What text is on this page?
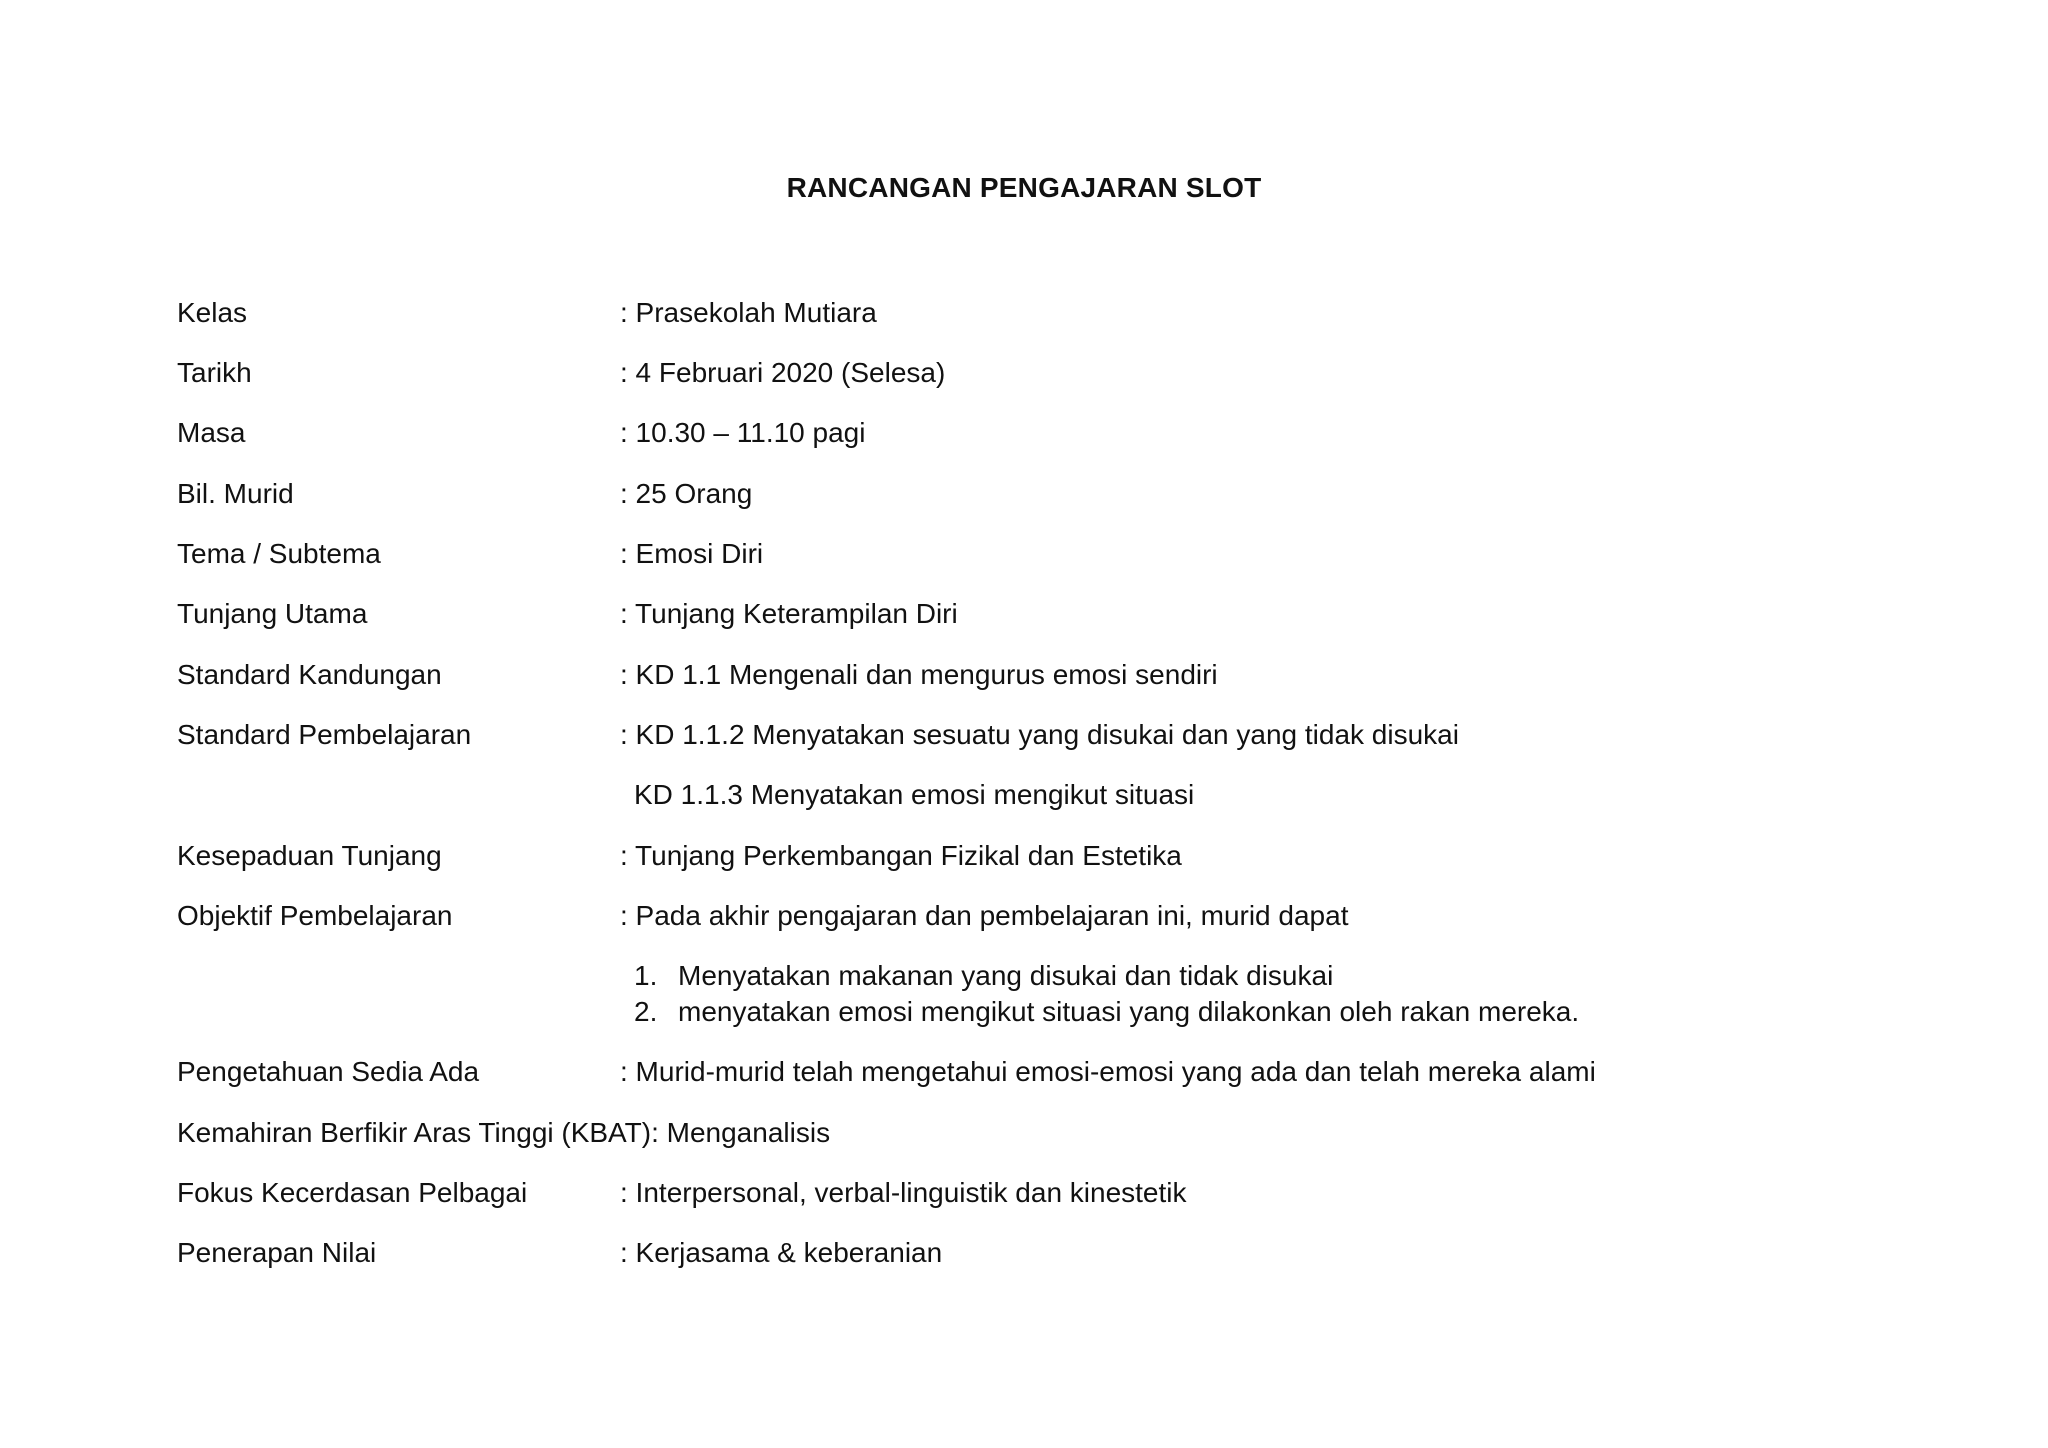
RANCANGAN PENGAJARAN SLOT
Kelas	: Prasekolah Mutiara
Tarikh	: 4 Februari 2020 (Selesa)
Masa	: 10.30 – 11.10 pagi
Bil. Murid	: 25 Orang
Tema / Subtema	: Emosi Diri
Tunjang Utama	: Tunjang Keterampilan Diri
Standard Kandungan	: KD 1.1 Mengenali dan mengurus emosi sendiri
Standard Pembelajaran	: KD 1.1.2 Menyatakan sesuatu yang disukai dan yang tidak disukai
KD 1.1.3 Menyatakan emosi mengikut situasi
Kesepaduan Tunjang	: Tunjang Perkembangan Fizikal dan Estetika
Objektif Pembelajaran	: Pada akhir pengajaran dan pembelajaran ini, murid dapat
1. Menyatakan makanan yang disukai dan tidak disukai
2. menyatakan emosi mengikut situasi yang dilakonkan oleh rakan mereka.
Pengetahuan Sedia Ada	: Murid-murid telah mengetahui emosi-emosi yang ada dan telah mereka alami
Kemahiran Berfikir Aras Tinggi (KBAT): Menganalisis
Fokus Kecerdasan Pelbagai	: Interpersonal, verbal-linguistik dan kinestetik
Penerapan Nilai	: Kerjasama & keberanian
